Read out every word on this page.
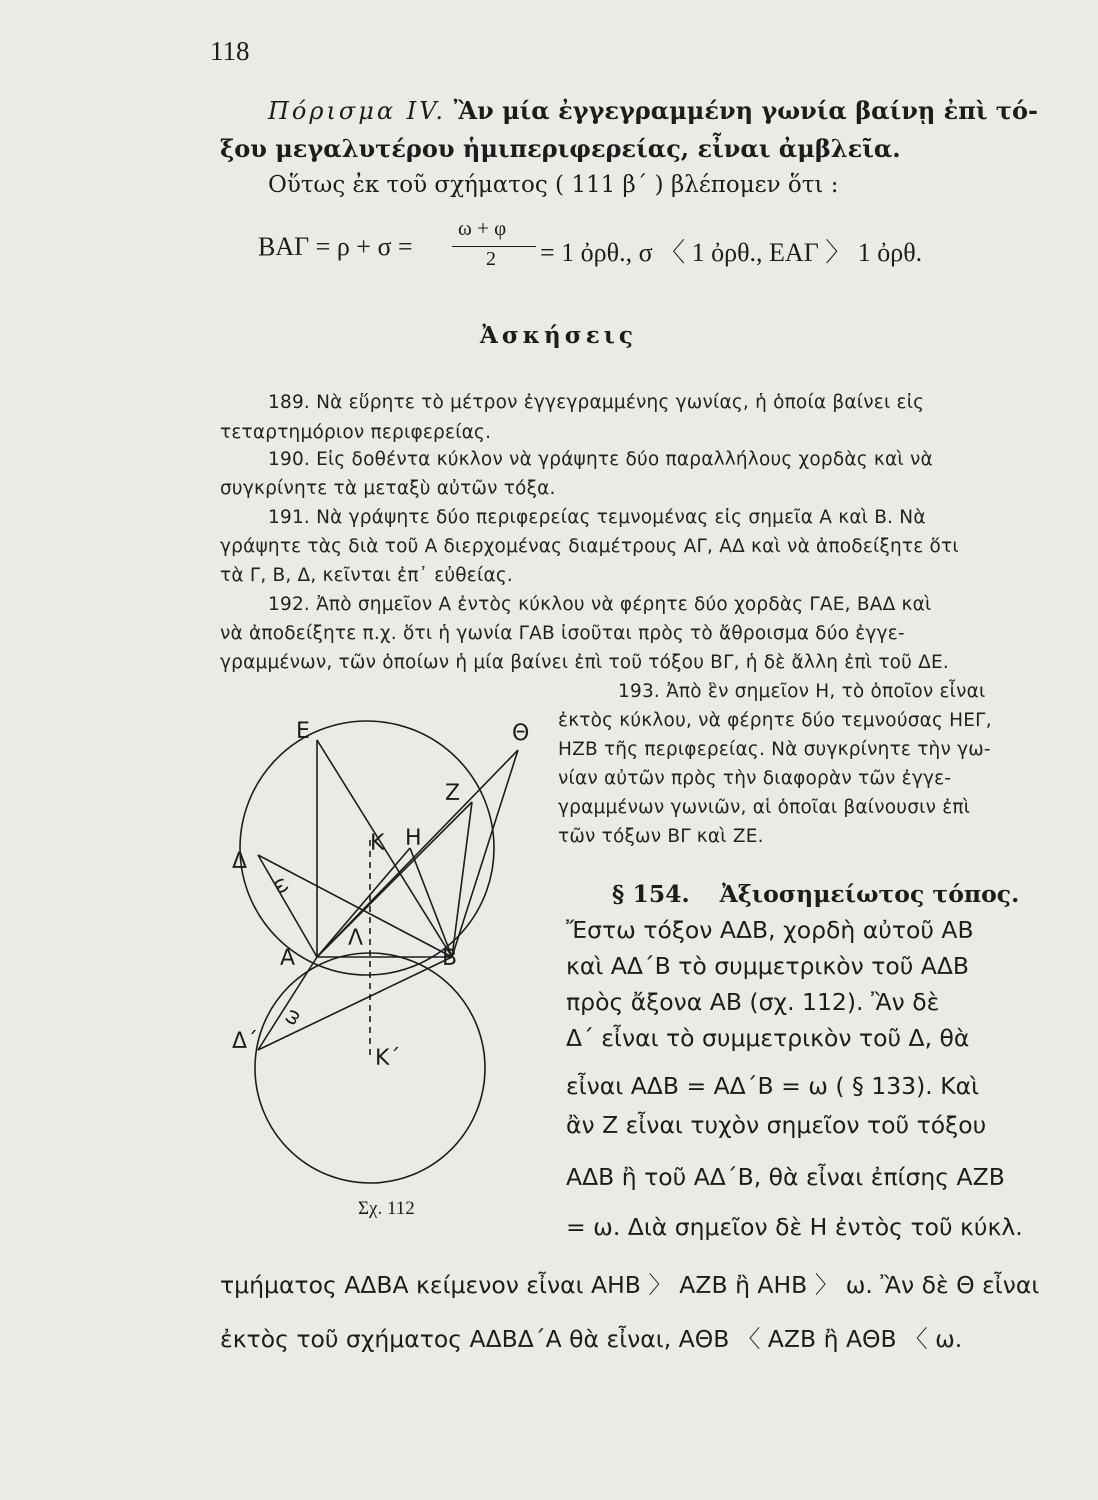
118
Πόρισμα IV. Ἂν μία ἐγγεγραμμένη γωνία βαίνῃ ἐπὶ τό-
ξου μεγαλυτέρου ἡμιπεριφερείας, εἶναι ἀμβλεῖα.
Οὕτως ἐκ τοῦ σχήματος ( 111 β΄ ) βλέπομεν ὅτι :
ΒΑΓ = ρ + σ =
ω + φ
2 = 1 ὀρθ., σ 〈 1 ὀρθ., ΕΑΓ 〉 1 ὀρθ.
Ἀσκήσεις
189. Νὰ εὕρητε τὸ μέτρον ἐγγεγραμμένης γωνίας, ἡ ὁποία βαίνει εἰς
τεταρτημόριον περιφερείας.
190. Εἰς δοθέντα κύκλον νὰ γράψητε δύο παραλλήλους χορδὰς καὶ νὰ
συγκρίνητε τὰ μεταξὺ αὐτῶν τόξα.
191. Νὰ γράψητε δύο περιφερείας τεμνομένας εἰς σημεῖα Α καὶ Β. Νὰ
γράψητε τὰς διὰ τοῦ Α διερχομένας διαμέτρους ΑΓ, ΑΔ καὶ νὰ ἀποδείξητε ὅτι
τὰ Γ, Β, Δ, κεῖνται ἐπ᾽ εὐθείας.
192. Ἀπὸ σημεῖον Α ἐντὸς κύκλου νὰ φέρητε δύο χορδὰς ΓΑΕ, ΒΑΔ καὶ
νὰ ἀποδείξητε π.χ. ὅτι ἡ γωνία ΓΑΒ ἰσοῦται πρὸς τὸ ἄθροισμα δύο ἐγγε-
γραμμένων, τῶν ὁποίων ἡ μία βαίνει ἐπὶ τοῦ τόξου ΒΓ, ἡ δὲ ἄλλη ἐπὶ τοῦ ΔΕ.
193. Ἀπὸ ἓν σημεῖον Η, τὸ ὁποῖον εἶναι
ἐκτὸς κύκλου, νὰ φέρητε δύο τεμνούσας ΗΕΓ,
ΗΖΒ τῆς περιφερείας. Νὰ συγκρίνητε τὴν γω-
νίαν αὐτῶν πρὸς τὴν διαφορὰν τῶν ἐγγε-
γραμμένων γωνιῶν, αἱ ὁποῖαι βαίνουσιν ἐπὶ
τῶν τόξων ΒΓ καὶ ΖΕ.
Ε	Θ
Ζ
Κ Η
Δ
ω
Α
Λ
Β
ω
Δ΄
Κ΄
Σχ. 112
§ 154. Ἀξιοσημείωτος τόπος.
Ἔστω τόξον ΑΔΒ, χορδὴ αὐτοῦ ΑΒ
καὶ ΑΔ΄Β τὸ συμμετρικὸν τοῦ ΑΔΒ
πρὸς ἄξονα ΑΒ (σχ. 112). Ἂν δὲ
Δ΄ εἶναι τὸ συμμετρικὸν τοῦ Δ, θὰ
εἶναι ΑΔΒ = ΑΔ΄Β = ω ( § 133). Καὶ
ἂν Ζ εἶναι τυχὸν σημεῖον τοῦ τόξου
ΑΔΒ ἢ τοῦ ΑΔ΄Β, θὰ εἶναι ἐπίσης ΑΖΒ
= ω. Διὰ σημεῖον δὲ Η ἐντὸς τοῦ κύκλ.
τμήματος ΑΔΒΑ κείμενον εἶναι ΑΗΒ 〉 ΑΖΒ ἢ ΑΗΒ 〉 ω. Ἂν δὲ Θ εἶναι
ἐκτὸς τοῦ σχήματος ΑΔΒΔ΄Α θὰ εἶναι, ΑΘΒ 〈 ΑΖΒ ἢ ΑΘΒ 〈 ω.
